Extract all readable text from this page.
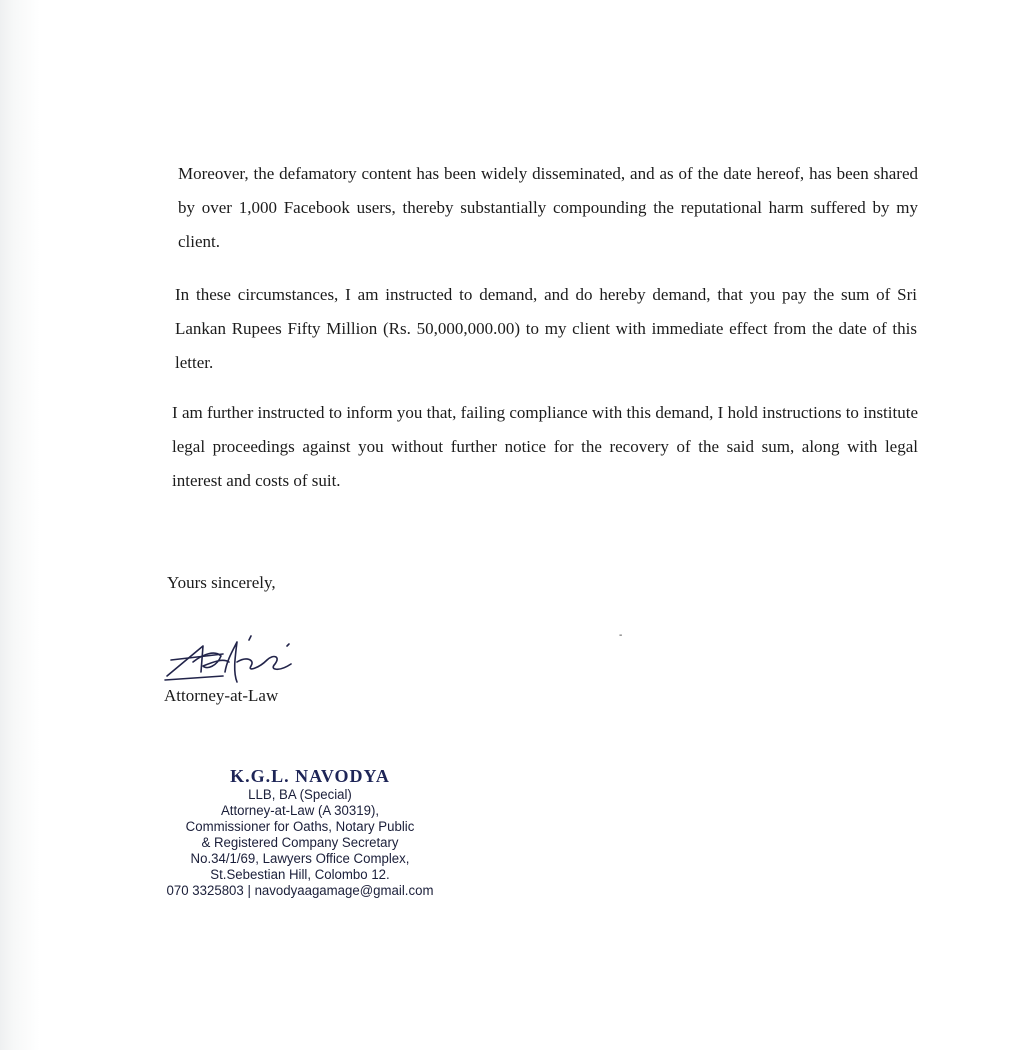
Moreover, the defamatory content has been widely disseminated, and as of the date hereof, has been shared by over 1,000 Facebook users, thereby substantially compounding the reputational harm suffered by my client.

In these circumstances, I am instructed to demand, and do hereby demand, that you pay the sum of Sri Lankan Rupees Fifty Million (Rs. 50,000,000.00) to my client with immediate effect from the date of this letter.

I am further instructed to inform you that, failing compliance with this demand, I hold instructions to institute legal proceedings against you without further notice for the recovery of the said sum, along with legal interest and costs of suit.

Yours sincerely,
Attorney-at-Law
-
K.G.L. NAVODYA
LLB, BA (Special)
Attorney-at-Law (A 30319),
Commissioner for Oaths, Notary Public
& Registered Company Secretary
No.34/1/69, Lawyers Office Complex,
St.Sebestian Hill, Colombo 12.
070 3325803 | navodyaagamage@gmail.com
